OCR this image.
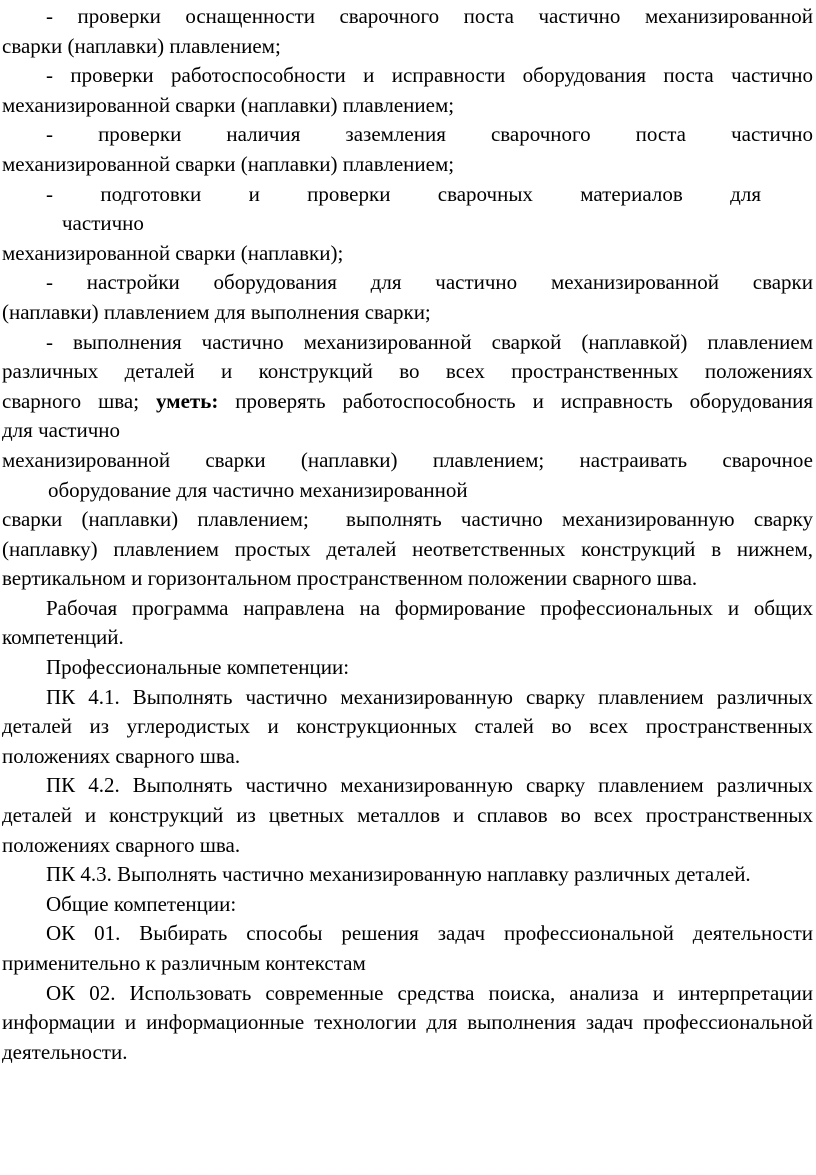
- проверки оснащенности сварочного поста частично механизированной

сварки (наплавки) плавлением;

- проверки работоспособности и исправности оборудования поста частично

механизированной сварки (наплавки) плавлением;

- проверки наличия заземления сварочного поста частично

механизированной сварки (наплавки) плавлением;

- подготовки и проверки сварочных материалов для

частично

механизированной сварки (наплавки);

- настройки оборудования для частично механизированной сварки

(наплавки) плавлением для выполнения сварки;

- выполнения частично механизированной сваркой (наплавкой) плавлением

различных деталей и конструкций во всех пространственных положениях

сварного шва; уметь: проверять работоспособность и исправность оборудования

для частично

механизированной сварки (наплавки) плавлением; настраивать сварочное

оборудование для частично механизированной

сварки (наплавки) плавлением; выполнять частично механизированную сварку

(наплавку) плавлением простых деталей неответственных конструкций в нижнем, вертикальном и горизонтальном пространственном положении сварного шва.

Рабочая программа направлена на формирование профессиональных и общих компетенций.

Профессиональные компетенции:

ПК 4.1. Выполнять частично механизированную сварку плавлением различных деталей из углеродистых и конструкционных сталей во всех пространственных положениях сварного шва.

ПК 4.2. Выполнять частично механизированную сварку плавлением различных деталей и конструкций из цветных металлов и сплавов во всех пространственных положениях сварного шва.

ПК 4.3. Выполнять частично механизированную наплавку различных деталей.

Общие компетенции:

ОК 01. Выбирать способы решения задач профессиональной деятельности применительно к различным контекстам

ОК 02. Использовать современные средства поиска, анализа и интерпретации информации и информационные технологии для выполнения задач профессиональной деятельности.
